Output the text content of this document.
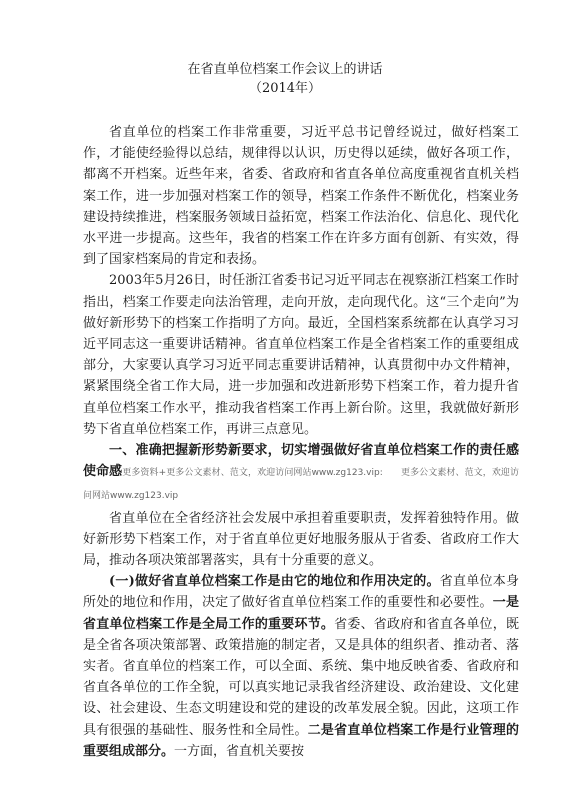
在省直单位档案工作会议上的讲话
（2014年）

省直单位的档案工作非常重要，习近平总书记曾经说过，做好档案工作，才能使经验得以总结，规律得以认识，历史得以延续，做好各项工作，都离不开档案。近些年来，省委、省政府和省直各单位高度重视省直机关档案工作，进一步加强对档案工作的领导，档案工作条件不断优化，档案业务建设持续推进，档案服务领域日益拓宽，档案工作法治化、信息化、现代化水平进一步提高。这些年，我省的档案工作在许多方面有创新、有实效，得到了国家档案局的肯定和表扬。

2003年5月26日，时任浙江省委书记习近平同志在视察浙江档案工作时指出，档案工作要走向法治管理，走向开放，走向现代化。这“三个走向”为做好新形势下的档案工作指明了方向。最近，全国档案系统都在认真学习习近平同志这一重要讲话精神。省直单位档案工作是全省档案工作的重要组成部分，大家要认真学习习近平同志重要讲话精神，认真贯彻中办文件精神，紧紧围绕全省工作大局，进一步加强和改进新形势下档案工作，着力提升省直单位档案工作水平，推动我省档案工作再上新台阶。这里，我就做好新形势下省直单位档案工作，再讲三点意见。

一、准确把握新形势新要求，切实增强做好省直单位档案工作的责任感使命感更多资料+更多公文素材、范文，欢迎访问网站www.zg123.vip:　　更多公文素材、范文，欢迎访问网站www.zg123.vip

省直单位在全省经济社会发展中承担着重要职责，发挥着独特作用。做好新形势下档案工作，对于省直单位更好地服务服从于省委、省政府工作大局，推动各项决策部署落实，具有十分重要的意义。

(一)做好省直单位档案工作是由它的地位和作用决定的。省直单位本身所处的地位和作用，决定了做好省直单位档案工作的重要性和必要性。一是省直单位档案工作是全局工作的重要环节。省委、省政府和省直各单位，既是全省各项决策部署、政策措施的制定者，又是具体的组织者、推动者、落实者。省直单位的档案工作，可以全面、系统、集中地反映省委、省政府和省直各单位的工作全貌，可以真实地记录我省经济建设、政治建设、文化建设、社会建设、生态文明建设和党的建设的改革发展全貌。因此，这项工作具有很强的基础性、服务性和全局性。二是省直单位档案工作是行业管理的重要组成部分。一方面，省直机关要按
